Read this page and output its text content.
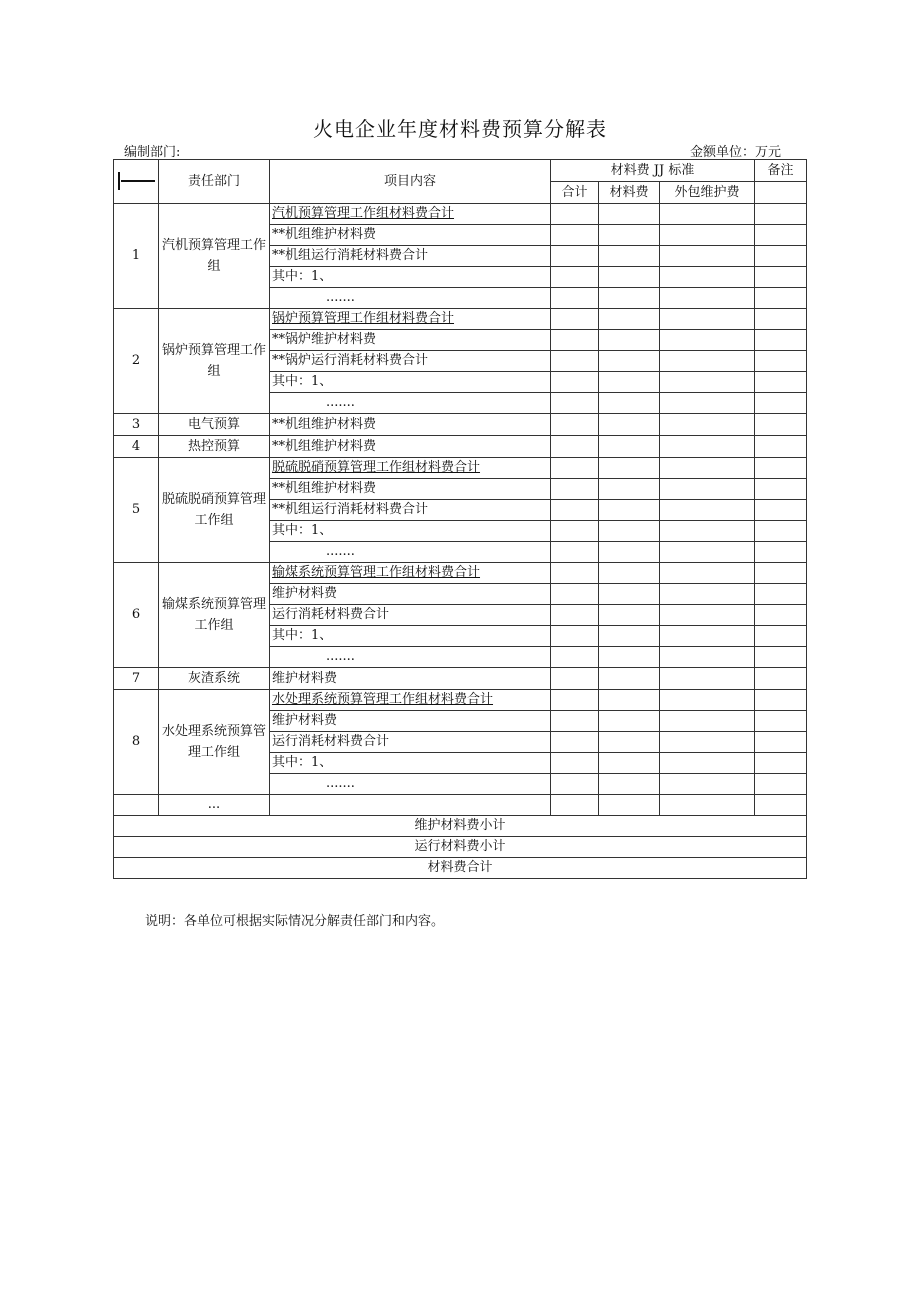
火电企业年度材料费预算分解表
编制部门:	金额单位：万元
	责任部门	项目内容	材料费 JJ 标准			备注
			合计	材料费	外包维护费	
1	汽机预算管理工作组	汽机预算管理工作组材料费合计				
		**机组维护材料费				
		**机组运行消耗材料费合计				
		其中：1、				
		.......				
2	锅炉预算管理工作组	锅炉预算管理工作组材料费合计				
		**锅炉维护材料费				
		**锅炉运行消耗材料费合计				
		其中：1、				
		.......				
3	电气预算	**机组维护材料费				
4	热控预算	**机组维护材料费				
5	脱硫脱硝预算管理工作组	脱硫脱硝预算管理工作组材料费合计				
		**机组维护材料费				
		**机组运行消耗材料费合计				
		其中：1、				
		.......				
6	输煤系统预算管理工作组	输煤系统预算管理工作组材料费合计				
		维护材料费				
		运行消耗材料费合计				
		其中：1、				
		.......				
7	灰渣系统	维护材料费				
8	水处理系统预算管理工作组	水处理系统预算管理工作组材料费合计				
		维护材料费				
		运行消耗材料费合计				
		其中：1、				
		.......				
	...					
维护材料费小计						
运行材料费小计						
材料费合计						
说明：各单位可根据实际情况分解责任部门和内容。
